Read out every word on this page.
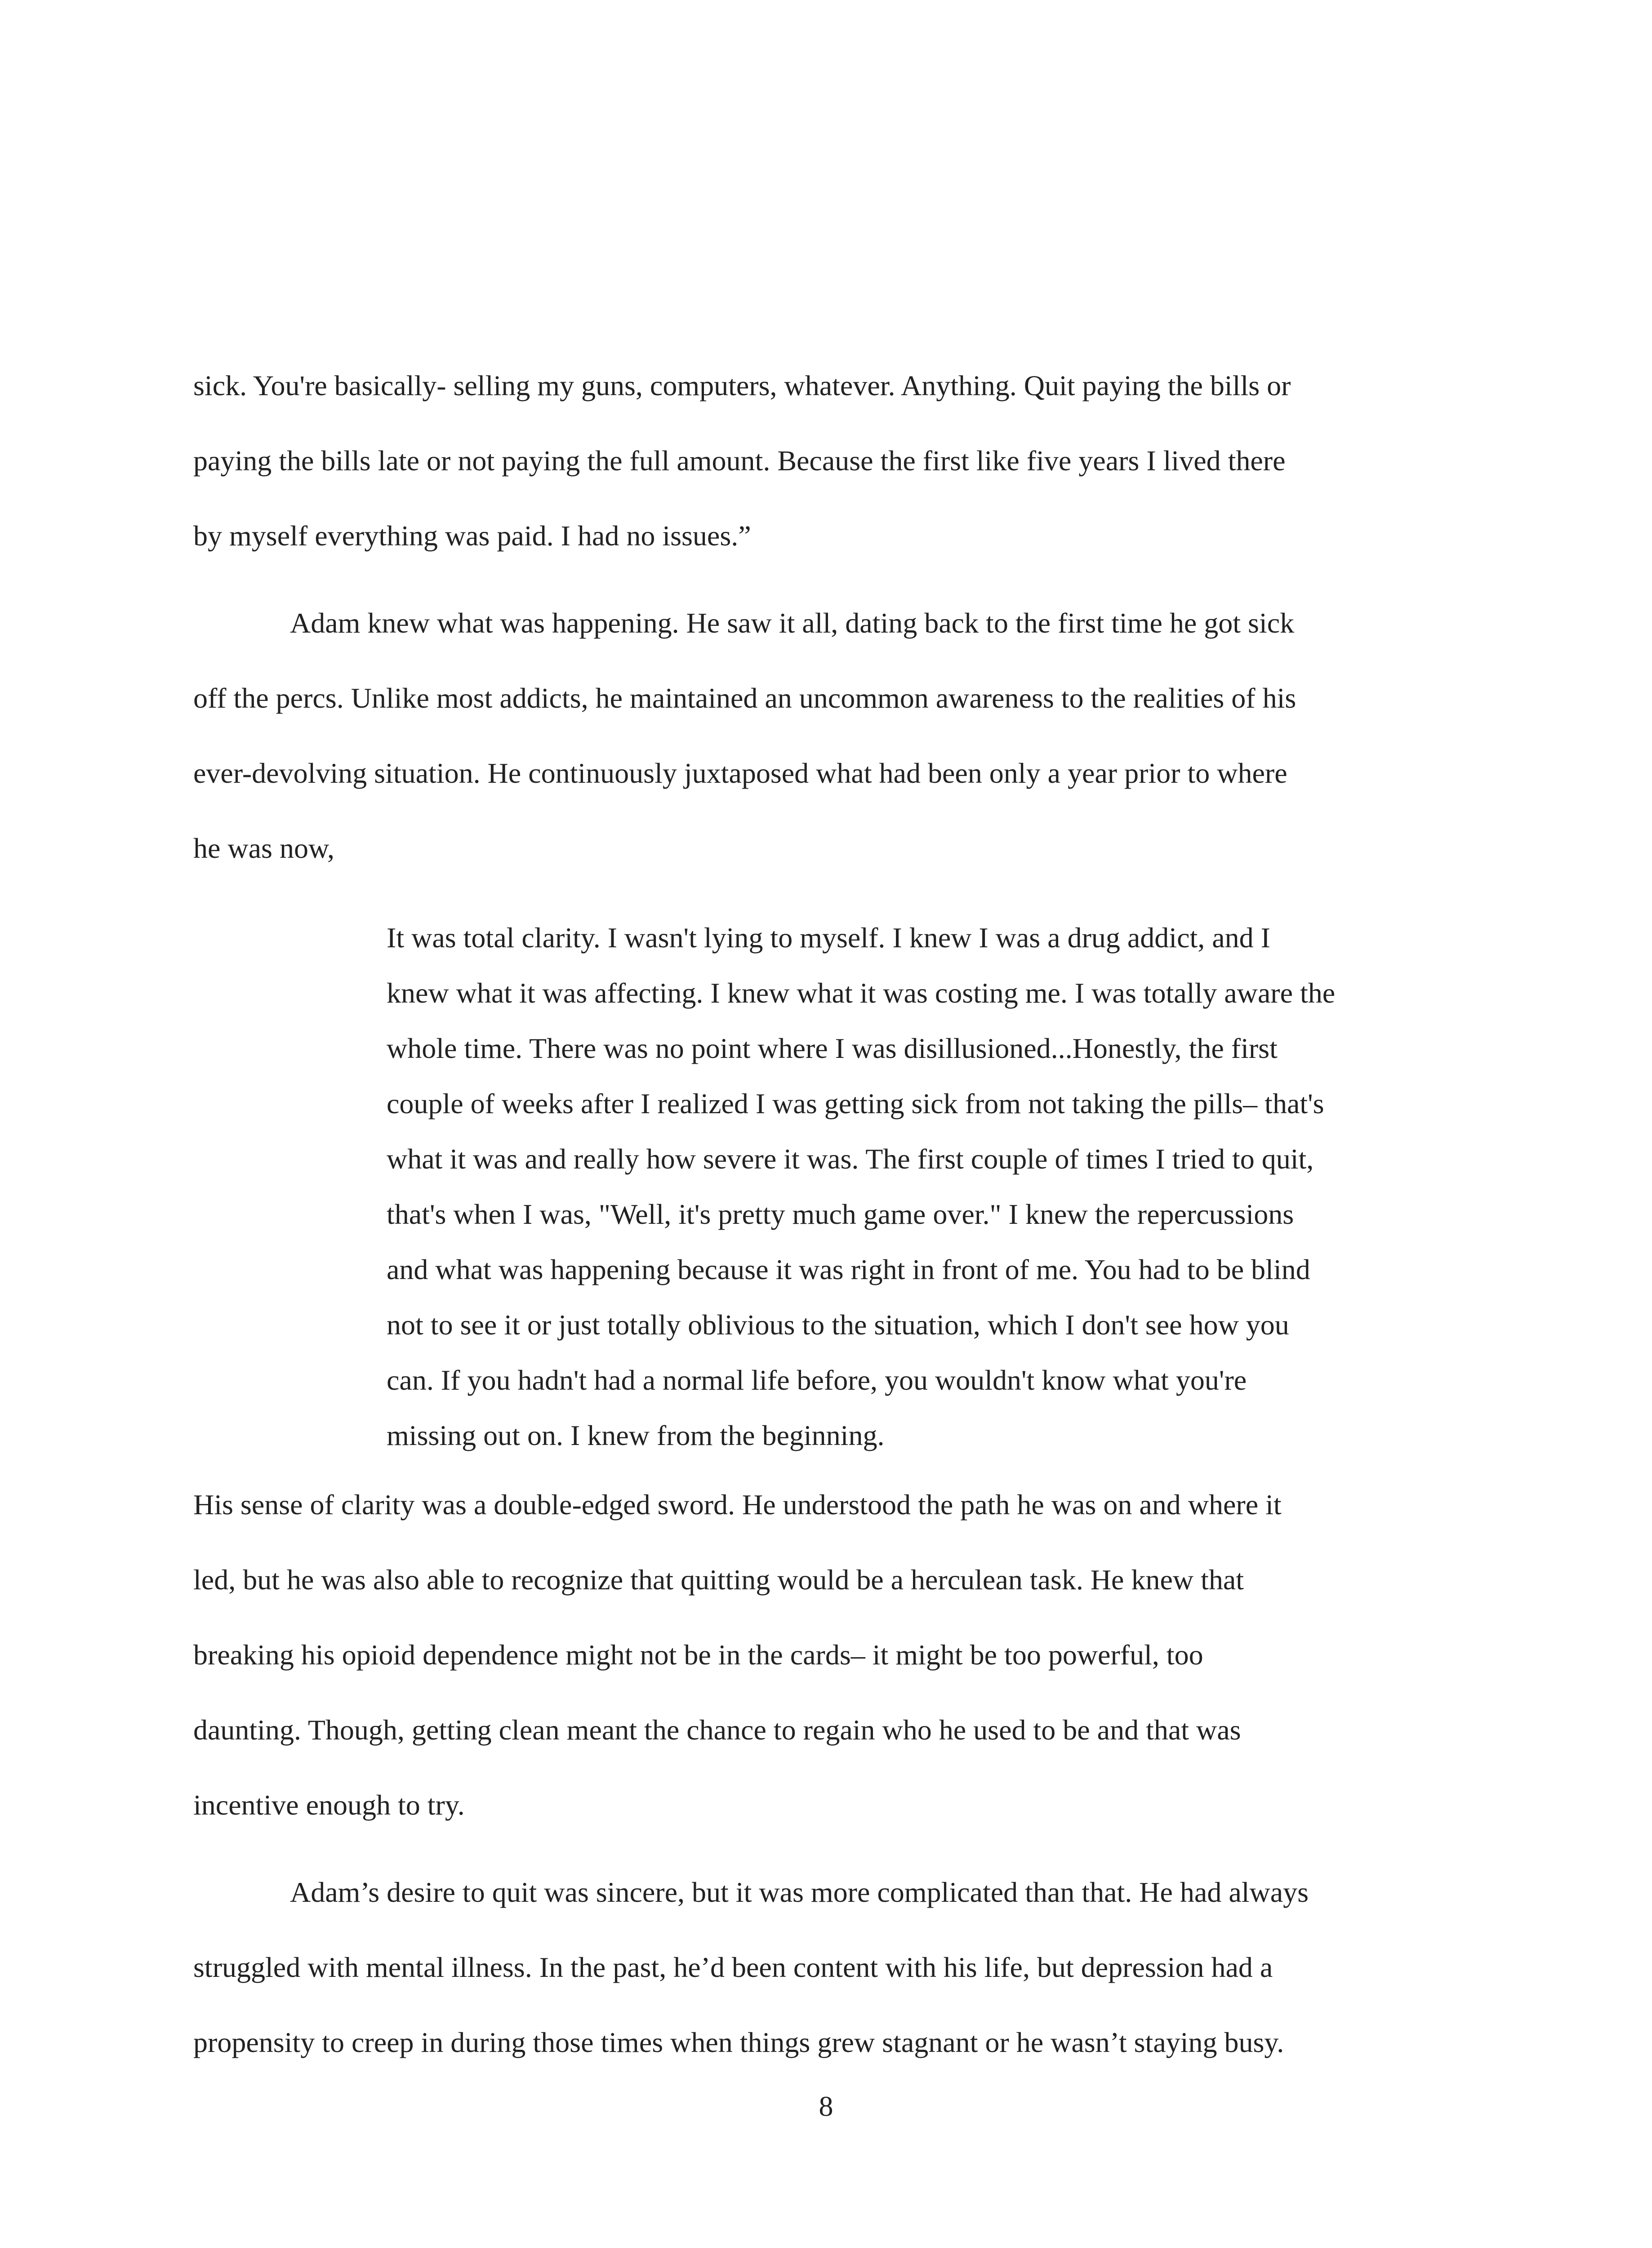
sick. You're basically- selling my guns, computers, whatever. Anything. Quit paying the bills or

paying the bills late or not paying the full amount. Because the first like five years I lived there

by myself everything was paid. I had no issues.”

Adam knew what was happening. He saw it all, dating back to the first time he got sick

off the percs. Unlike most addicts, he maintained an uncommon awareness to the realities of his

ever-devolving situation. He continuously juxtaposed what had been only a year prior to where

he was now,

It was total clarity. I wasn't lying to myself. I knew I was a drug addict, and I

knew what it was affecting. I knew what it was costing me. I was totally aware the

whole time. There was no point where I was disillusioned...Honestly, the first

couple of weeks after I realized I was getting sick from not taking the pills– that's

what it was and really how severe it was. The first couple of times I tried to quit,

that's when I was, "Well, it's pretty much game over." I knew the repercussions

and what was happening because it was right in front of me. You had to be blind

not to see it or just totally oblivious to the situation, which I don't see how you

can. If you hadn't had a normal life before, you wouldn't know what you're

missing out on. I knew from the beginning.

His sense of clarity was a double-edged sword. He understood the path he was on and where it

led, but he was also able to recognize that quitting would be a herculean task. He knew that

breaking his opioid dependence might not be in the cards– it might be too powerful, too

daunting. Though, getting clean meant the chance to regain who he used to be and that was

incentive enough to try.

Adam’s desire to quit was sincere, but it was more complicated than that. He had always

struggled with mental illness. In the past, he’d been content with his life, but depression had a

propensity to creep in during those times when things grew stagnant or he wasn’t staying busy.

8
